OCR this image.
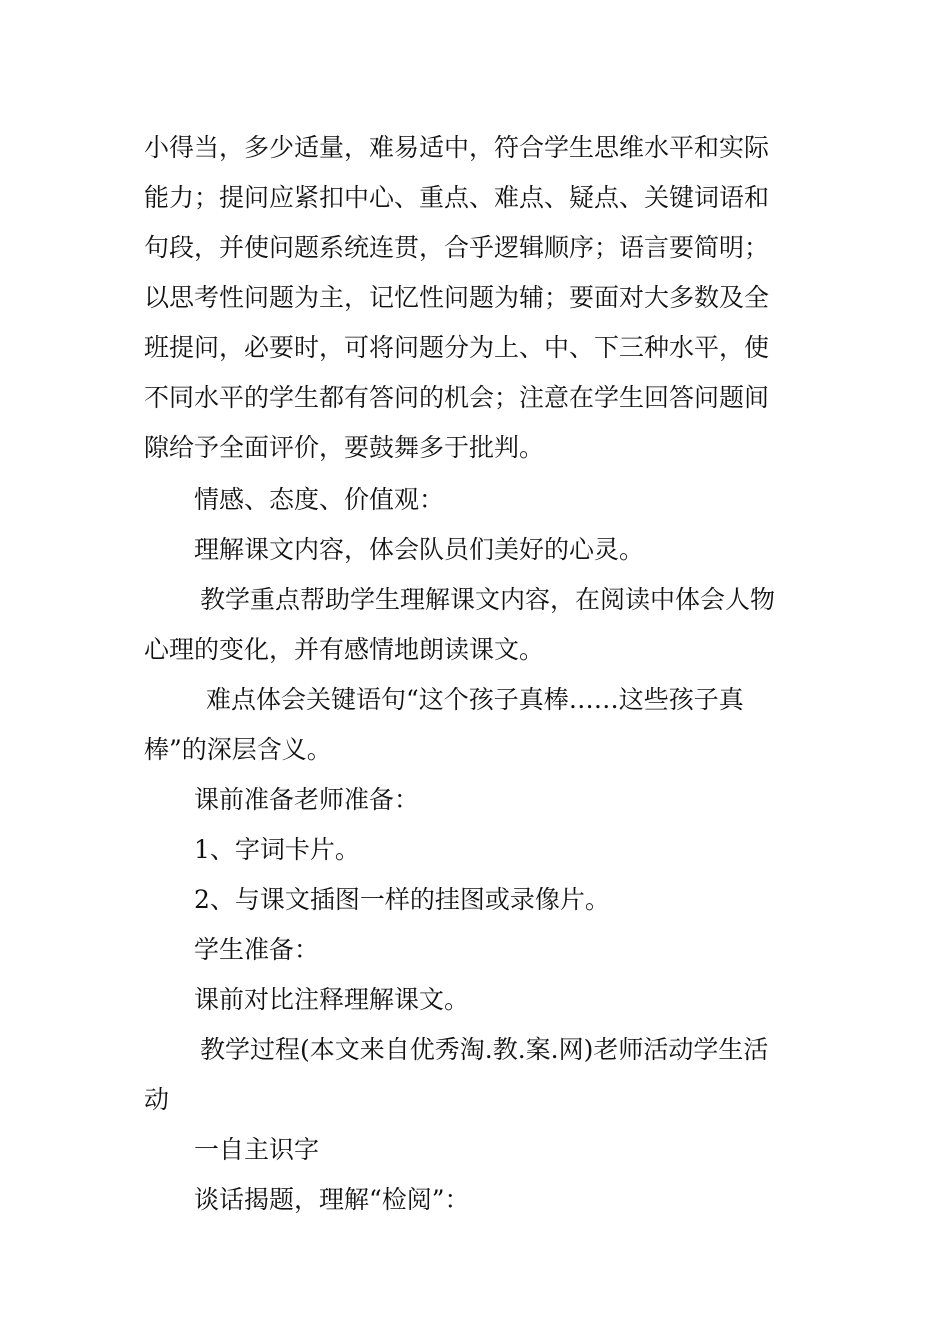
小得当，多少适量，难易适中，符合学生思维水平和实际
能力；提问应紧扣中心、重点、难点、疑点、关键词语和
句段，并使问题系统连贯，合乎逻辑顺序；语言要简明；
以思考性问题为主，记忆性问题为辅；要面对大多数及全
班提问，必要时，可将问题分为上、中、下三种水平，使
不同水平的学生都有答问的机会；注意在学生回答问题间
隙给予全面评价，要鼓舞多于批判。
情感、态度、价值观：
理解课文内容，体会队员们美好的心灵。
教学重点帮助学生理解课文内容，在阅读中体会人物
心理的变化，并有感情地朗读课文。
难点体会关键语句“这个孩子真棒……这些孩子真
棒”的深层含义。
课前准备老师准备：
1、字词卡片。
2、与课文插图一样的挂图或录像片。
学生准备：
课前对比注释理解课文。
教学过程(本文来自优秀淘.教.案.网)老师活动学生活
动
一自主识字
谈话揭题，理解“检阅”：
